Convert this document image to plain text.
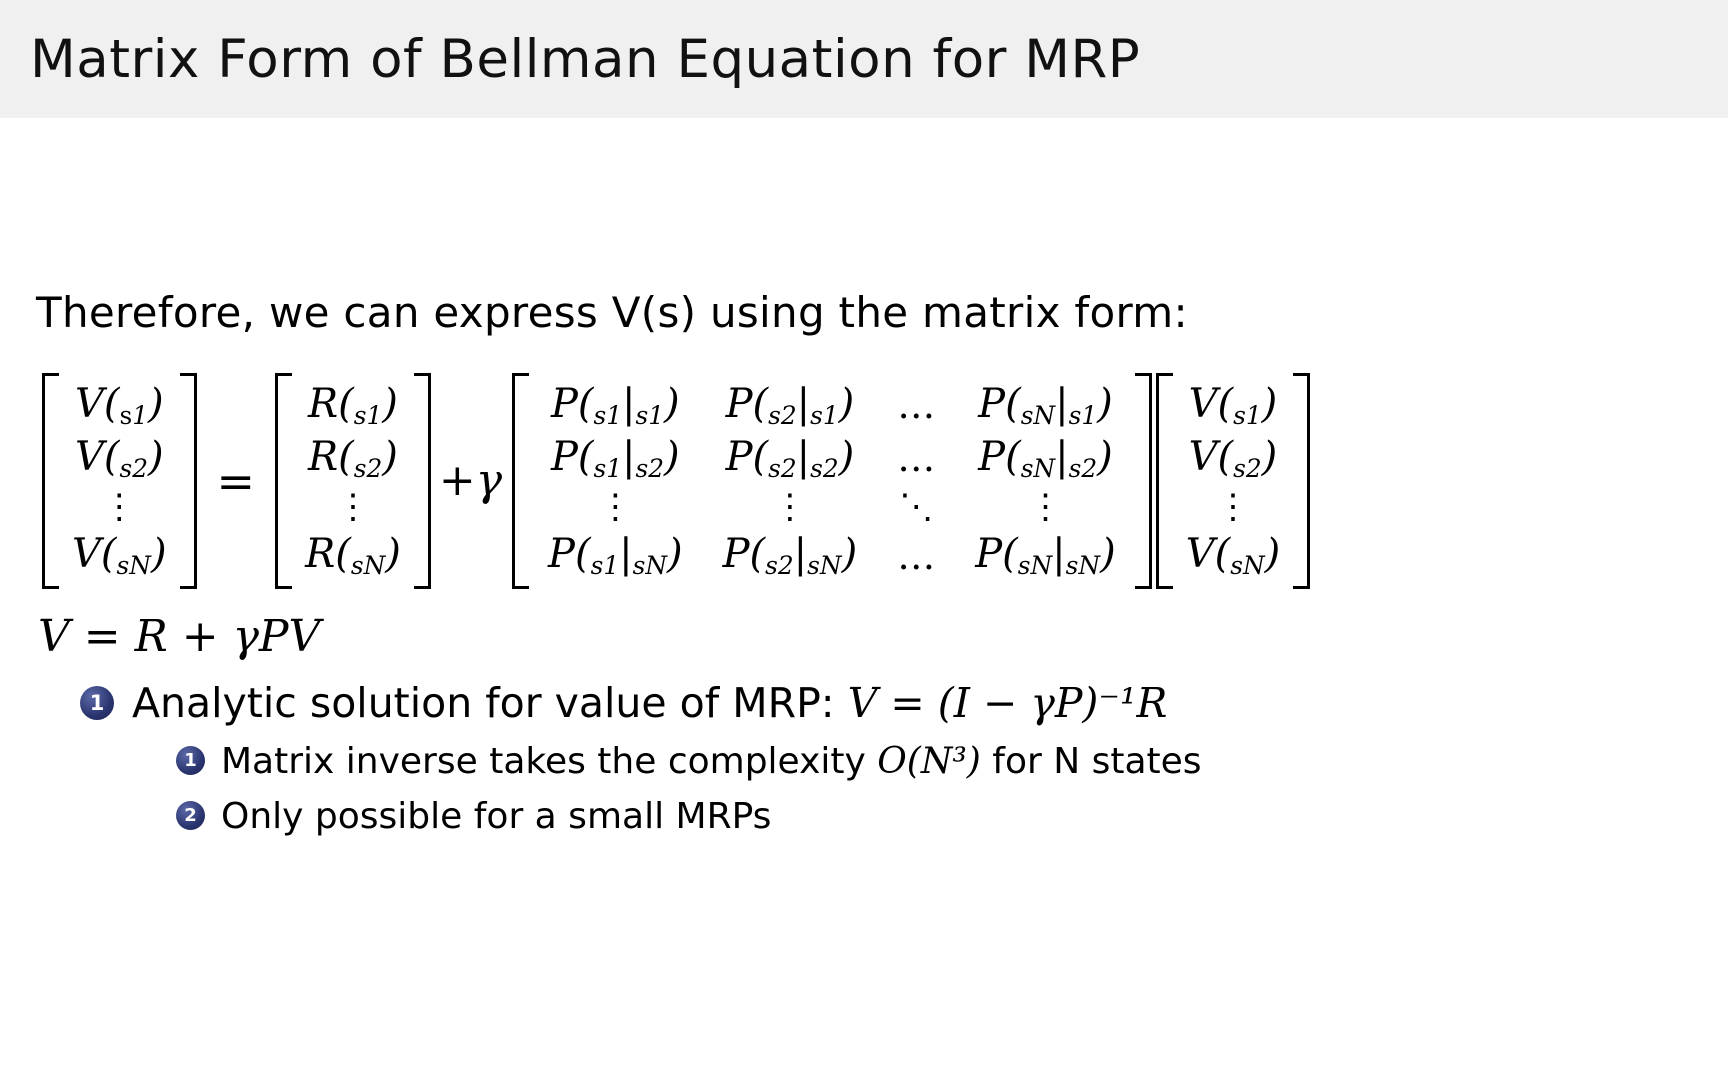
Matrix Form of Bellman Equation for MRP
Therefore, we can express V(s) using the matrix form:
$V(_{s1})$
$V(_{s2})$
⋮
$V(_{sN})$
=
$R(_{s1})$
$R(_{s2})$
⋮
$R(_{sN})$
+γ
$P(_{s1}|_{s1})$	$P(_{s2}|_{s1})$	…	$P(_{sN}|_{s1})$
$P(_{s1}|_{s2})$	$P(_{s2}|_{s2})$	…	$P(_{sN}|_{s2})$
⋮	⋮	⋱	⋮
$P(_{s1}|_{sN})$	$P(_{s2}|_{sN})$	…	$P(_{sN}|_{sN})$
$V(_{s1})$
$V(_{s2})$
⋮
$V(_{sN})$
V = R + γPV
1 Analytic solution for value of MRP: V = (I − γP)⁻¹R
1 Matrix inverse takes the complexity O(N³) for N states
2 Only possible for a small MRPs
